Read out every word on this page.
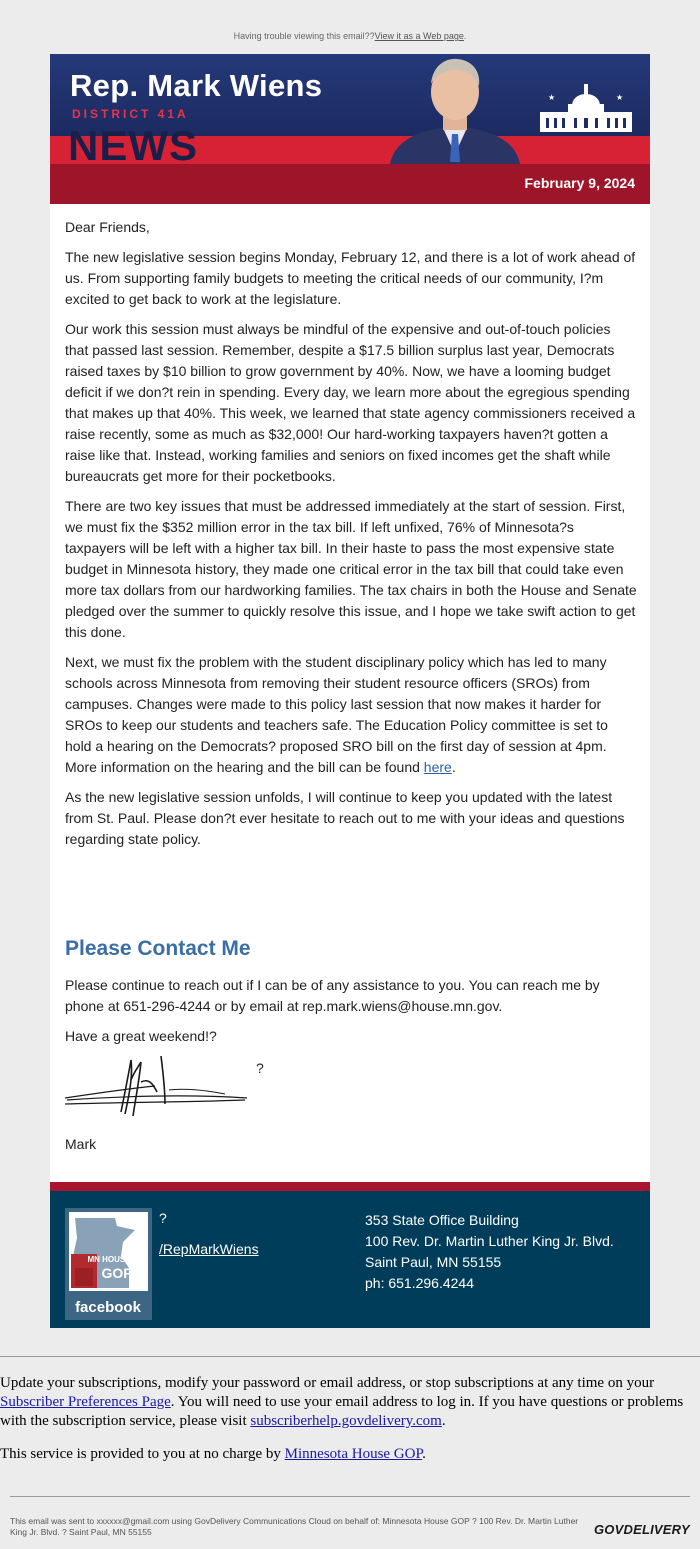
Having trouble viewing this email??View it as a Web page.
Rep. Mark Wiens
DISTRICT 41A
NEWS
★	★
February 9, 2024

Dear Friends,

The new legislative session begins Monday, February 12, and there is a lot of work ahead of us. From supporting family budgets to meeting the critical needs of our community, I?m excited to get back to work at the legislature.

Our work this session must always be mindful of the expensive and out-of-touch policies that passed last session. Remember, despite a $17.5 billion surplus last year, Democrats raised taxes by $10 billion to grow government by 40%. Now, we have a looming budget deficit if we don?t rein in spending. Every day, we learn more about the egregious spending that makes up that 40%. This week, we learned that state agency commissioners received a raise recently, some as much as $32,000! Our hard-working taxpayers haven?t gotten a raise like that. Instead, working families and seniors on fixed incomes get the shaft while bureaucrats get more for their pocketbooks.

There are two key issues that must be addressed immediately at the start of session. First, we must fix the $352 million error in the tax bill. If left unfixed, 76% of Minnesota?s taxpayers will be left with a higher tax bill. In their haste to pass the most expensive state budget in Minnesota history, they made one critical error in the tax bill that could take even more tax dollars from our hardworking families. The tax chairs in both the House and Senate pledged over the summer to quickly resolve this issue, and I hope we take swift action to get this done.

Next, we must fix the problem with the student disciplinary policy which has led to many schools across Minnesota from removing their student resource officers (SROs) from campuses. Changes were made to this policy last session that now makes it harder for SROs to keep our students and teachers safe. The Education Policy committee is set to hold a hearing on the Democrats? proposed SRO bill on the first day of session at 4pm. More information on the hearing and the bill can be found here.

As the new legislative session unfolds, I will continue to keep you updated with the latest from St. Paul. Please don?t ever hesitate to reach out to me with your ideas and questions regarding state policy.

Please Contact Me

Please continue to reach out if I can be of any assistance to you. You can reach me by phone at 651-296-4244 or by email at rep.mark.wiens@house.mn.gov.

Have a great weekend!?

?
Mark
MN HOUSE
GOP
facebook
?
/RepMarkWiens
353 State Office Building
100 Rev. Dr. Martin Luther King Jr. Blvd.
Saint Paul, MN 55155
ph: 651.296.4244

Update your subscriptions, modify your password or email address, or stop subscriptions at any time on your Subscriber Preferences Page. You will need to use your email address to log in. If you have questions or problems with the subscription service, please visit subscriberhelp.govdelivery.com.

This service is provided to you at no charge by Minnesota House GOP.

This email was sent to xxxxxx@gmail.com using GovDelivery Communications Cloud on behalf of: Minnesota House GOP ? 100 Rev. Dr. Martin Luther King Jr. Blvd. ? Saint Paul, MN 55155	GOVDELIVERY
